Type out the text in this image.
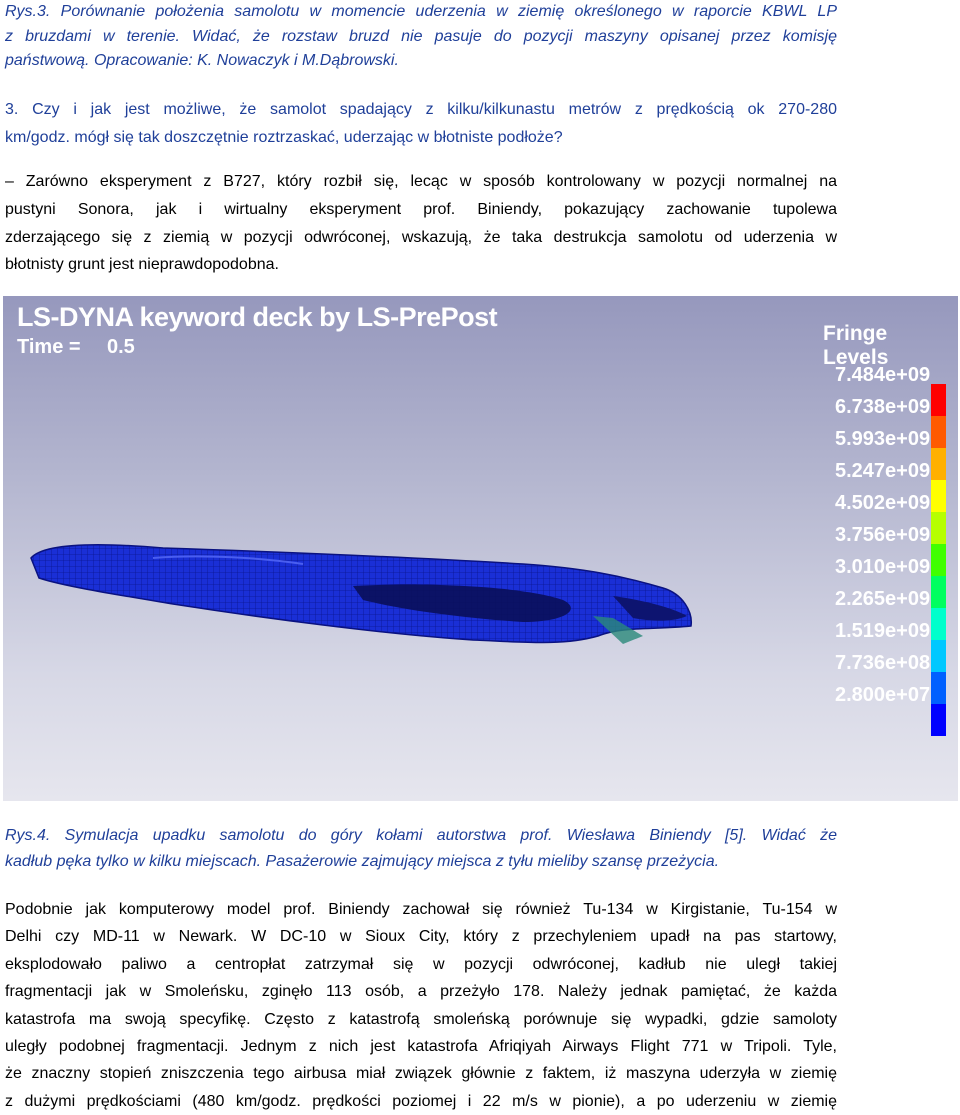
Rys.3. Porównanie położenia samolotu w momencie uderzenia w ziemię określonego w raporcie KBWL LP
z bruzdami w terenie. Widać, że rozstaw bruzd nie pasuje do pozycji maszyny opisanej przez komisję
państwową. Opracowanie: K. Nowaczyk i M.Dąbrowski.
3. Czy i jak jest możliwe, że samolot spadający z kilku/kilkunastu metrów z prędkością ok 270-280
km/godz. mógł się tak doszczętnie roztrzaskać, uderzając w błotniste podłoże?
– Zarówno eksperyment z B727, który rozbił się, lecąc w sposób kontrolowany w pozycji normalnej na
pustyni Sonora, jak i wirtualny eksperyment prof. Biniendy, pokazujący zachowanie tupolewa
zderzającego się z ziemią w pozycji odwróconej, wskazują, że taka destrukcja samolotu od uderzenia w
błotnisty grunt jest nieprawdopodobna.
LS-DYNA keyword deck by LS-PrePost
Time = 0.5
Fringe Levels
7.484e+09
6.738e+09
5.993e+09
5.247e+09
4.502e+09
3.756e+09
3.010e+09
2.265e+09
1.519e+09
7.736e+08
2.800e+07
Rys.4. Symulacja upadku samolotu do góry kołami autorstwa prof. Wiesława Biniendy [5]. Widać że
kadłub pęka tylko w kilku miejscach. Pasażerowie zajmujący miejsca z tyłu mieliby szansę przeżycia.
Podobnie jak komputerowy model prof. Biniendy zachował się również Tu-134 w Kirgistanie, Tu-154 w
Delhi czy MD-11 w Newark. W DC-10 w Sioux City, który z przechyleniem upadł na pas startowy,
eksplodowało paliwo a centropłat zatrzymał się w pozycji odwróconej, kadłub nie uległ takiej
fragmentacji jak w Smoleńsku, zginęło 113 osób, a przeżyło 178. Należy jednak pamiętać, że każda
katastrofa ma swoją specyfikę. Często z katastrofą smoleńską porównuje się wypadki, gdzie samoloty
uległy podobnej fragmentacji. Jednym z nich jest katastrofa Afriqiyah Airways Flight 771 w Tripoli. Tyle,
że znaczny stopień zniszczenia tego airbusa miał związek głównie z faktem, iż maszyna uderzyła w ziemię
z dużymi prędkościami (480 km/godz. prędkości poziomej i 22 m/s w pionie), a po uderzeniu w ziemię
